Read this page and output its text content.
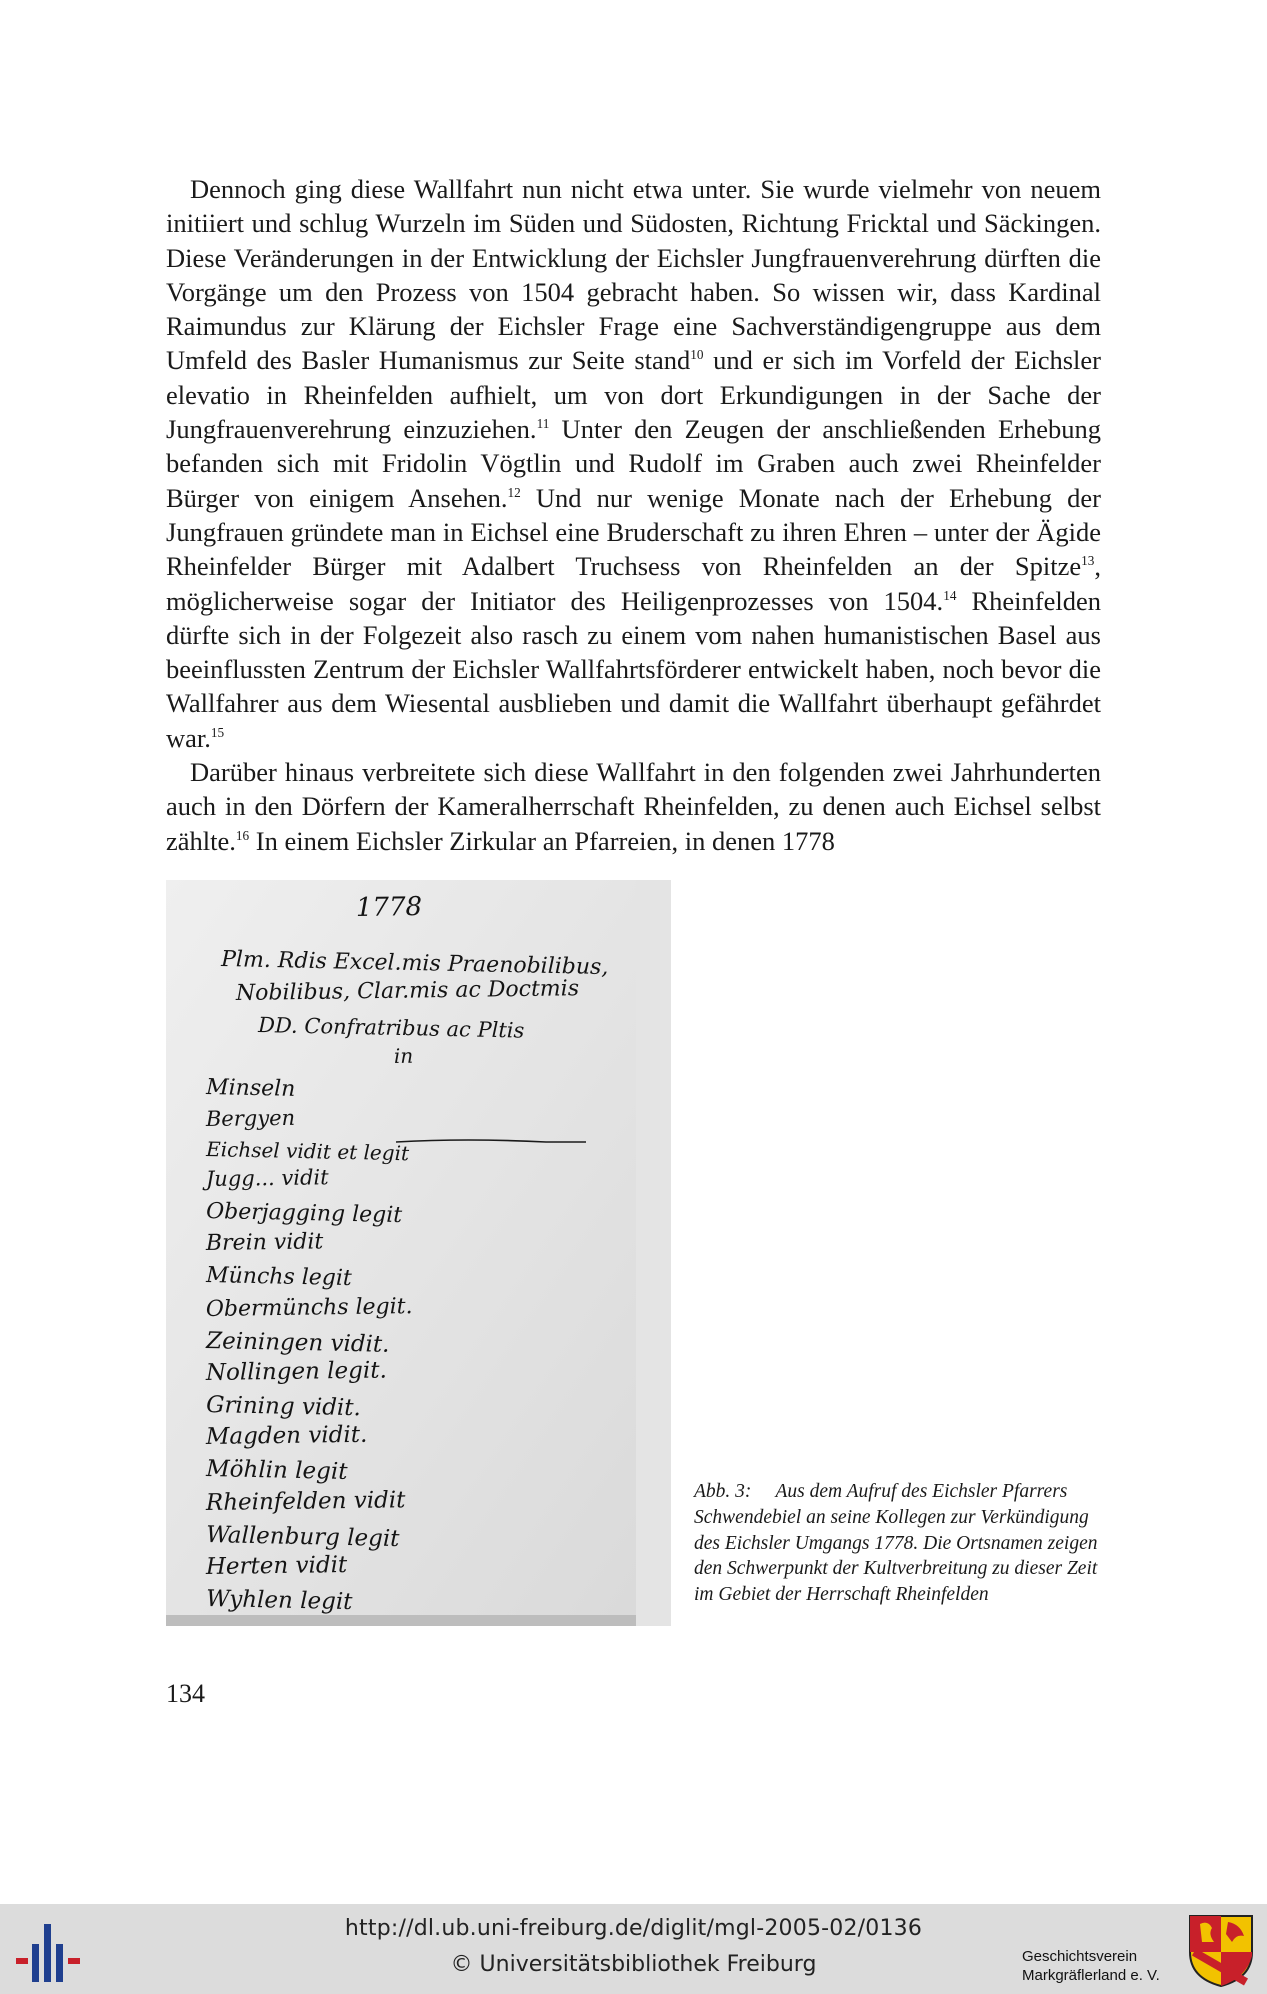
Dennoch ging diese Wallfahrt nun nicht etwa unter. Sie wurde vielmehr von neuem initiiert und schlug Wurzeln im Süden und Südosten, Richtung Fricktal und Säckingen. Diese Veränderungen in der Entwicklung der Eichsler Jungfrauenverehrung dürften die Vorgänge um den Prozess von 1504 gebracht haben. So wissen wir, dass Kardinal Raimundus zur Klärung der Eichsler Frage eine Sachverständigengruppe aus dem Umfeld des Basler Humanismus zur Seite stand$^{10}$ und er sich im Vorfeld der Eichsler elevatio in Rheinfelden aufhielt, um von dort Erkundigungen in der Sache der Jungfrauenverehrung einzuziehen.$^{11}$ Unter den Zeugen der anschließenden Erhebung befanden sich mit Fridolin Vögtlin und Rudolf im Graben auch zwei Rheinfelder Bürger von einigem Ansehen.$^{12}$ Und nur wenige Monate nach der Erhebung der Jungfrauen gründete man in Eichsel eine Bruderschaft zu ihren Ehren – unter der Ägide Rheinfelder Bürger mit Adalbert Truchsess von Rheinfelden an der Spitze$^{13}$, möglicherweise sogar der Initiator des Heiligenprozesses von 1504.14 Rheinfelden dürfte sich in der Folgezeit also rasch zu einem vom nahen humanistischen Basel aus beeinflussten Zentrum der Eichsler Wallfahrtsförderer entwickelt haben, noch bevor die Wallfahrer aus dem Wiesental ausblieben und damit die Wallfahrt überhaupt gefährdet war.$^{15}$

Darüber hinaus verbreitete sich diese Wallfahrt in den folgenden zwei Jahrhunderten auch in den Dörfern der Kameralherrschaft Rheinfelden, zu denen auch Eichsel selbst zählte.$^{16}$ In einem Eichsler Zirkular an Pfarreien, in denen 1778

1778
Plm. Rdis Excel.mis Praenobilibus,
Nobilibus, Clar.mis ac Doctmis
DD. Confratribus ac Pltis
in
Minseln
Bergyen
Eichsel vidit et legit
Jugg... vidit
Oberjagging legit
Brein vidit
Münchs legit
Obermünchs legit.
Zeiningen vidit.
Nollingen legit.
Grining vidit.
Magden vidit.
Möhlin legit
Rheinfelden vidit
Wallenburg legit
Herten vidit
Wyhlen legit
Abb. 3: Aus dem Aufruf des Eichsler Pfarrers Schwendebiel an seine Kollegen zur Verkündigung des Eichsler Umgangs 1778. Die Ortsnamen zeigen den Schwerpunkt der Kultverbreitung zu dieser Zeit im Gebiet der Herrschaft Rheinfelden
134
http://dl.ub.uni-freiburg.de/diglit/mgl-2005-02/0136
© Universitätsbibliothek Freiburg	Geschichtsverein
Markgräflerland e. V.
